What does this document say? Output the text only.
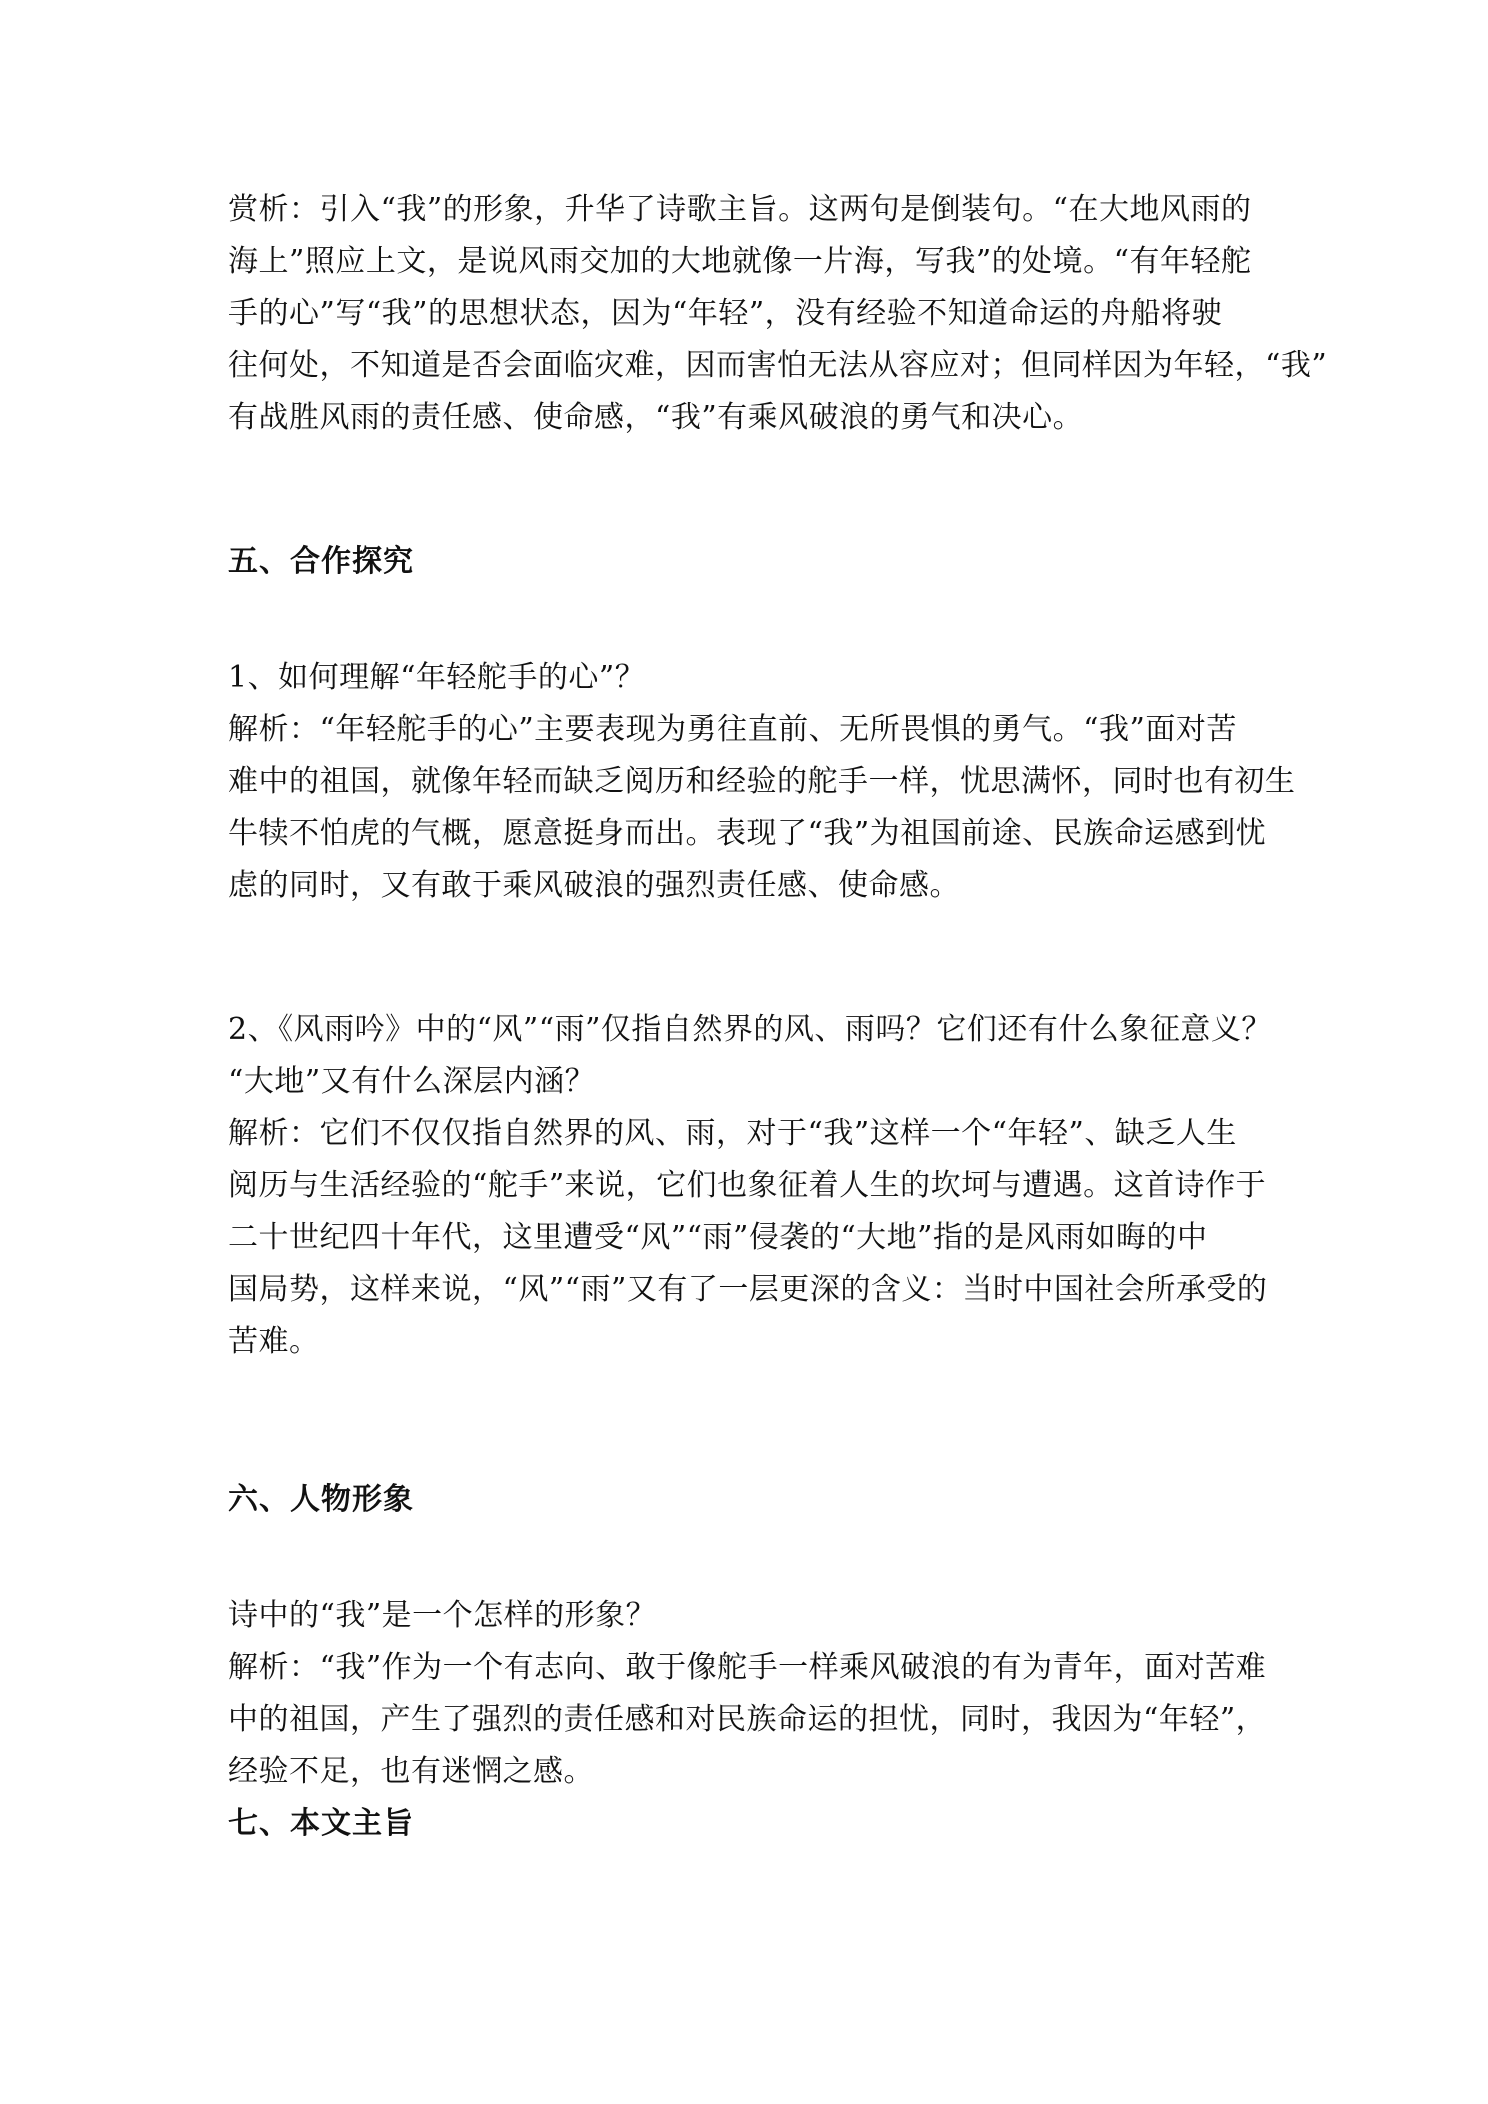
赏析：引入“我”的形象，升华了诗歌主旨。这两句是倒装句。“在大地风雨的
海上”照应上文，是说风雨交加的大地就像一片海，写我”的处境。“有年轻舵
手的心”写“我”的思想状态，因为“年轻”，没有经验不知道命运的舟船将驶
往何处，不知道是否会面临灾难，因而害怕无法从容应对；但同样因为年轻，“我”
有战胜风雨的责任感、使命感，“我”有乘风破浪的勇气和决心。
五、合作探究
1、如何理解“年轻舵手的心”？
解析：“年轻舵手的心”主要表现为勇往直前、无所畏惧的勇气。“我”面对苦
难中的祖国，就像年轻而缺乏阅历和经验的舵手一样，忧思满怀，同时也有初生
牛犊不怕虎的气概，愿意挺身而出。表现了“我”为祖国前途、民族命运感到忧
虑的同时，又有敢于乘风破浪的强烈责任感、使命感。
2、《风雨吟》中的“风”“雨”仅指自然界的风、雨吗？它们还有什么象征意义？
“大地”又有什么深层内涵？
解析：它们不仅仅指自然界的风、雨，对于“我”这样一个“年轻”、缺乏人生
阅历与生活经验的“舵手”来说，它们也象征着人生的坎坷与遭遇。这首诗作于
二十世纪四十年代，这里遭受“风”“雨”侵袭的“大地”指的是风雨如晦的中
国局势，这样来说，“风”“雨”又有了一层更深的含义：当时中国社会所承受的
苦难。
六、人物形象
诗中的“我”是一个怎样的形象？
解析：“我”作为一个有志向、敢于像舵手一样乘风破浪的有为青年，面对苦难
中的祖国，产生了强烈的责任感和对民族命运的担忧，同时，我因为“年轻”，
经验不足，也有迷惘之感。
七、本文主旨
